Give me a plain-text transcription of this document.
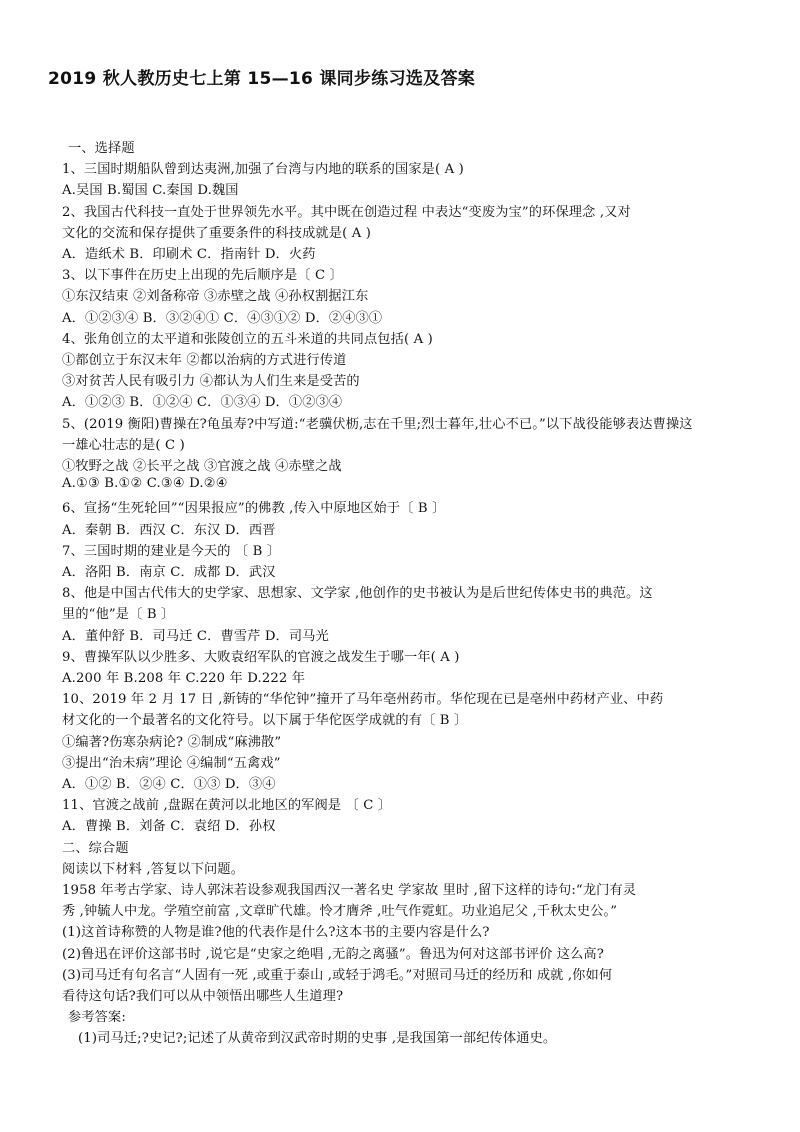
2019 秋人教历史七上第 15—16 课同步练习选及答案
一、选择题
1、三国时期船队曾到达夷洲,加强了台湾与内地的联系的国家是( A )
A.吴国 B.蜀国 C.秦国 D.魏国
2、我国古代科技一直处于世界领先水平。其中既在创造过程 中表达“变废为宝”的环保理念 ,又对
文化的交流和保存提供了重要条件的科技成就是( A )
A．造纸术 B．印刷术 C．指南针 D．火药
3、以下事件在历史上出现的先后顺序是〔 C 〕
①东汉结束 ②刘备称帝 ③赤壁之战 ④孙权割据江东
A．①②③④ B．③②④① C．④③①② D．②④③①
4、张角创立的太平道和张陵创立的五斗米道的共同点包括( A )
①都创立于东汉末年 ②都以治病的方式进行传道
③对贫苦人民有吸引力 ④都认为人们生来是受苦的
A．①②③ B．①②④ C．①③④ D．①②③④
5、(2019 衡阳)曹操在?龟虽寿?中写道:“老骥伏枥,志在千里;烈士暮年,壮心不已。”以下战役能够表达曹操这
一雄心壮志的是( C )
①牧野之战 ②长平之战 ③官渡之战 ④赤壁之战
A.①③ B.①② C.③④ D.②④
6、宣扬“生死轮回”“因果报应”的佛教 ,传入中原地区始于〔 B 〕
A．秦朝 B．西汉 C．东汉 D．西晋
7、三国时期的建业是今天的 〔 B 〕
A．洛阳 B．南京 C．成都 D．武汉
8、他是中国古代伟大的史学家、思想家、文学家 ,他创作的史书被认为是后世纪传体史书的典范。这
里的“他”是〔 B 〕
A．董仲舒 B．司马迁 C．曹雪芹 D．司马光
9、曹操军队以少胜多、大败袁绍军队的官渡之战发生于哪一年( A )
A.200 年 B.208 年 C.220 年 D.222 年
10、2019 年 2 月 17 日 ,新铸的“华佗钟”撞开了马年亳州药市。华佗现在已是亳州中药材产业、中药
材文化的一个最著名的文化符号。以下属于华佗医学成就的有〔 B 〕
①编著?伤寒杂病论? ②制成“麻沸散”
③提出“治未病”理论 ④编制“五禽戏”
A．①② B．②④ C．①③ D．③④
11、官渡之战前 ,盘踞在黄河以北地区的军阀是 〔 C 〕
A．曹操 B．刘备 C．袁绍 D．孙权
二、综合题
阅读以下材料 ,答复以下问题。
1958 年考古学家、诗人郭沫若设参观我国西汉一著名史 学家故 里时 ,留下这样的诗句:“龙门有灵
秀 ,钟毓人中龙。学殖空前富 ,文章旷代雄。怜才膺斧 ,吐气作霓虹。功业追尼父 ,千秋太史公。”
(1)这首诗称赞的人物是谁?他的代表作是什么?这本书的主要内容是什么?
(2)鲁迅在评价这部书时 ,说它是“史家之绝唱 ,无韵之离骚”。鲁迅为何对这部书评价 这么高?
(3)司马迁有句名言“人固有一死 ,或重于泰山 ,或轻于鸿毛。”对照司马迁的经历和 成就 ,你如何
看待这句话?我们可以从中领悟出哪些人生道理?
参考答案:
(1)司马迁;?史记?;记述了从黄帝到汉武帝时期的史事 ,是我国第一部纪传体通史。
